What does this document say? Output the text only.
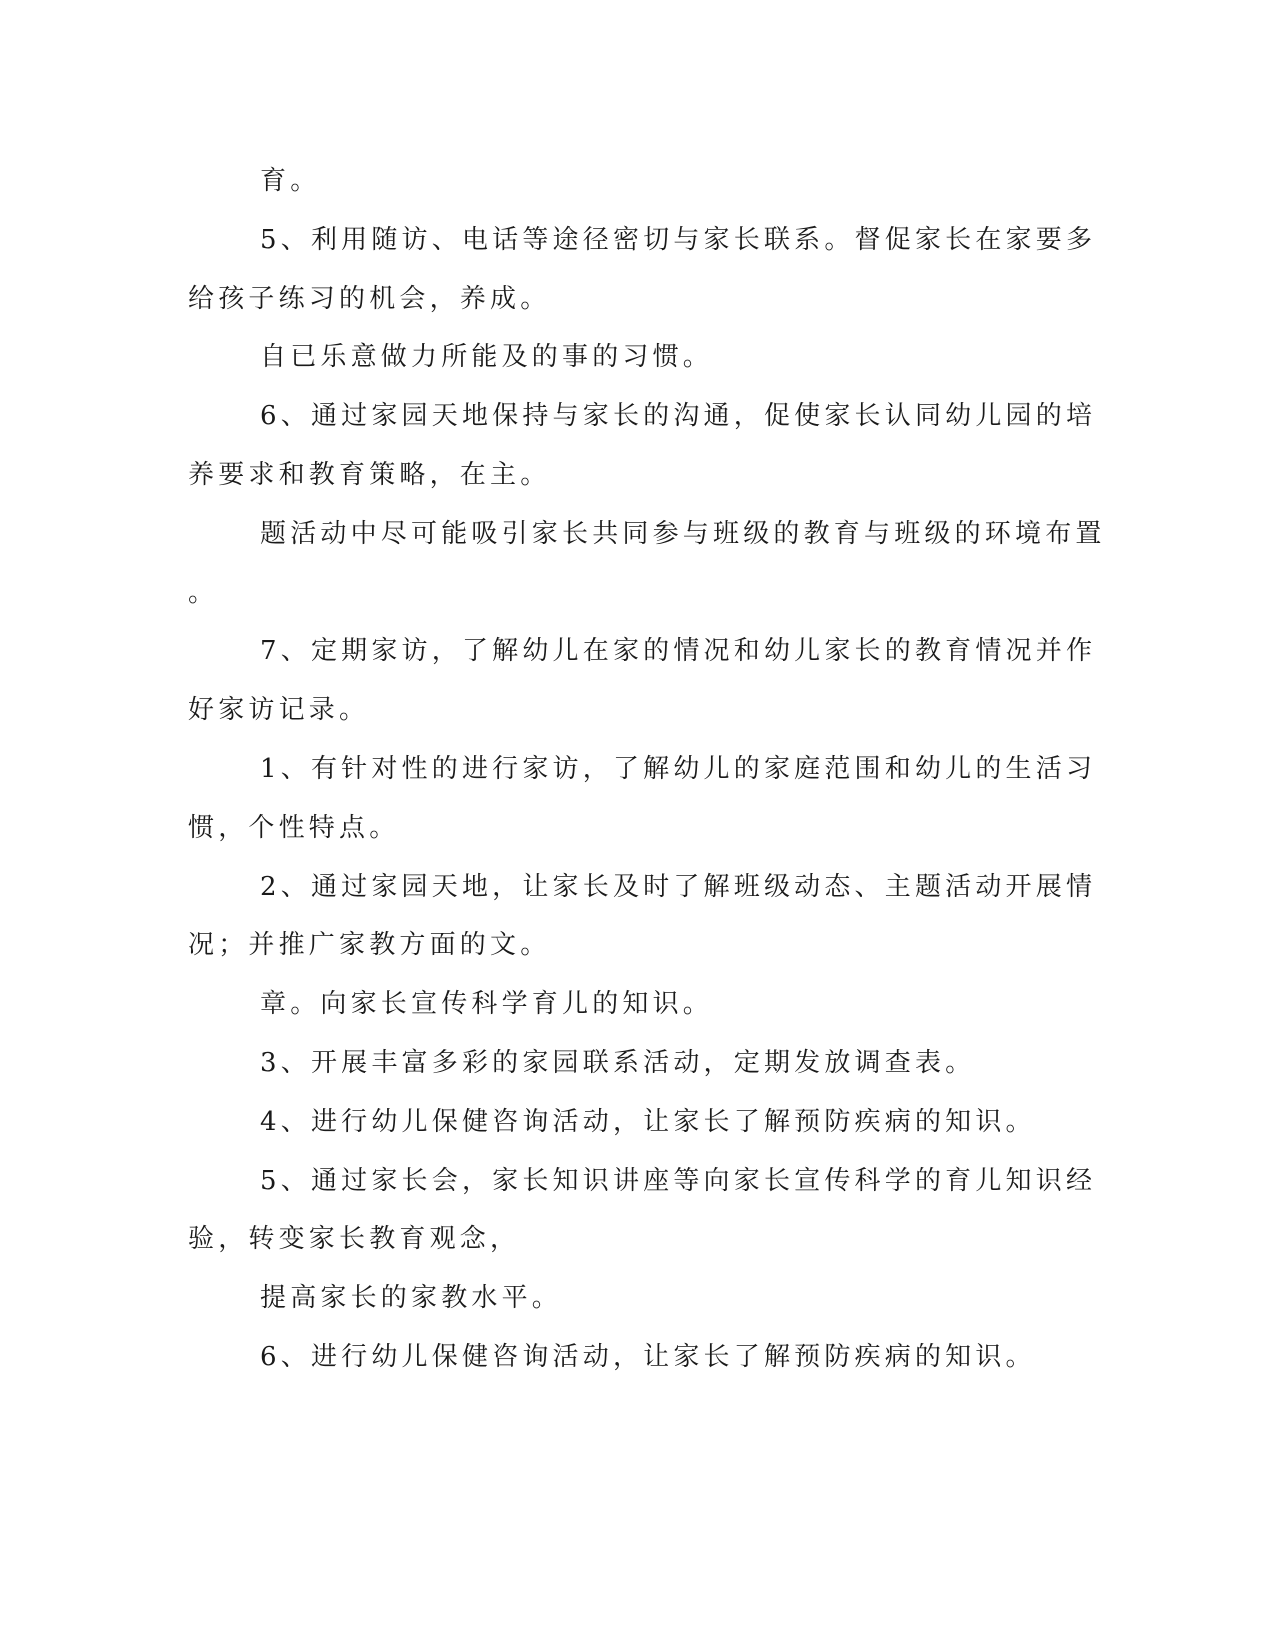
育。
5、利用随访、电话等途径密切与家长联系。督促家长在家要多
给孩子练习的机会，养成。
自已乐意做力所能及的事的习惯。
6、通过家园天地保持与家长的沟通，促使家长认同幼儿园的培
养要求和教育策略，在主。
题活动中尽可能吸引家长共同参与班级的教育与班级的环境布置
。
7、定期家访，了解幼儿在家的情况和幼儿家长的教育情况并作
好家访记录。
1、有针对性的进行家访，了解幼儿的家庭范围和幼儿的生活习
惯，个性特点。
2、通过家园天地，让家长及时了解班级动态、主题活动开展情
况；并推广家教方面的文。
章。向家长宣传科学育儿的知识。
3、开展丰富多彩的家园联系活动，定期发放调查表。
4、进行幼儿保健咨询活动，让家长了解预防疾病的知识。
5、通过家长会，家长知识讲座等向家长宣传科学的育儿知识经
验，转变家长教育观念，
提高家长的家教水平。
6、进行幼儿保健咨询活动，让家长了解预防疾病的知识。
